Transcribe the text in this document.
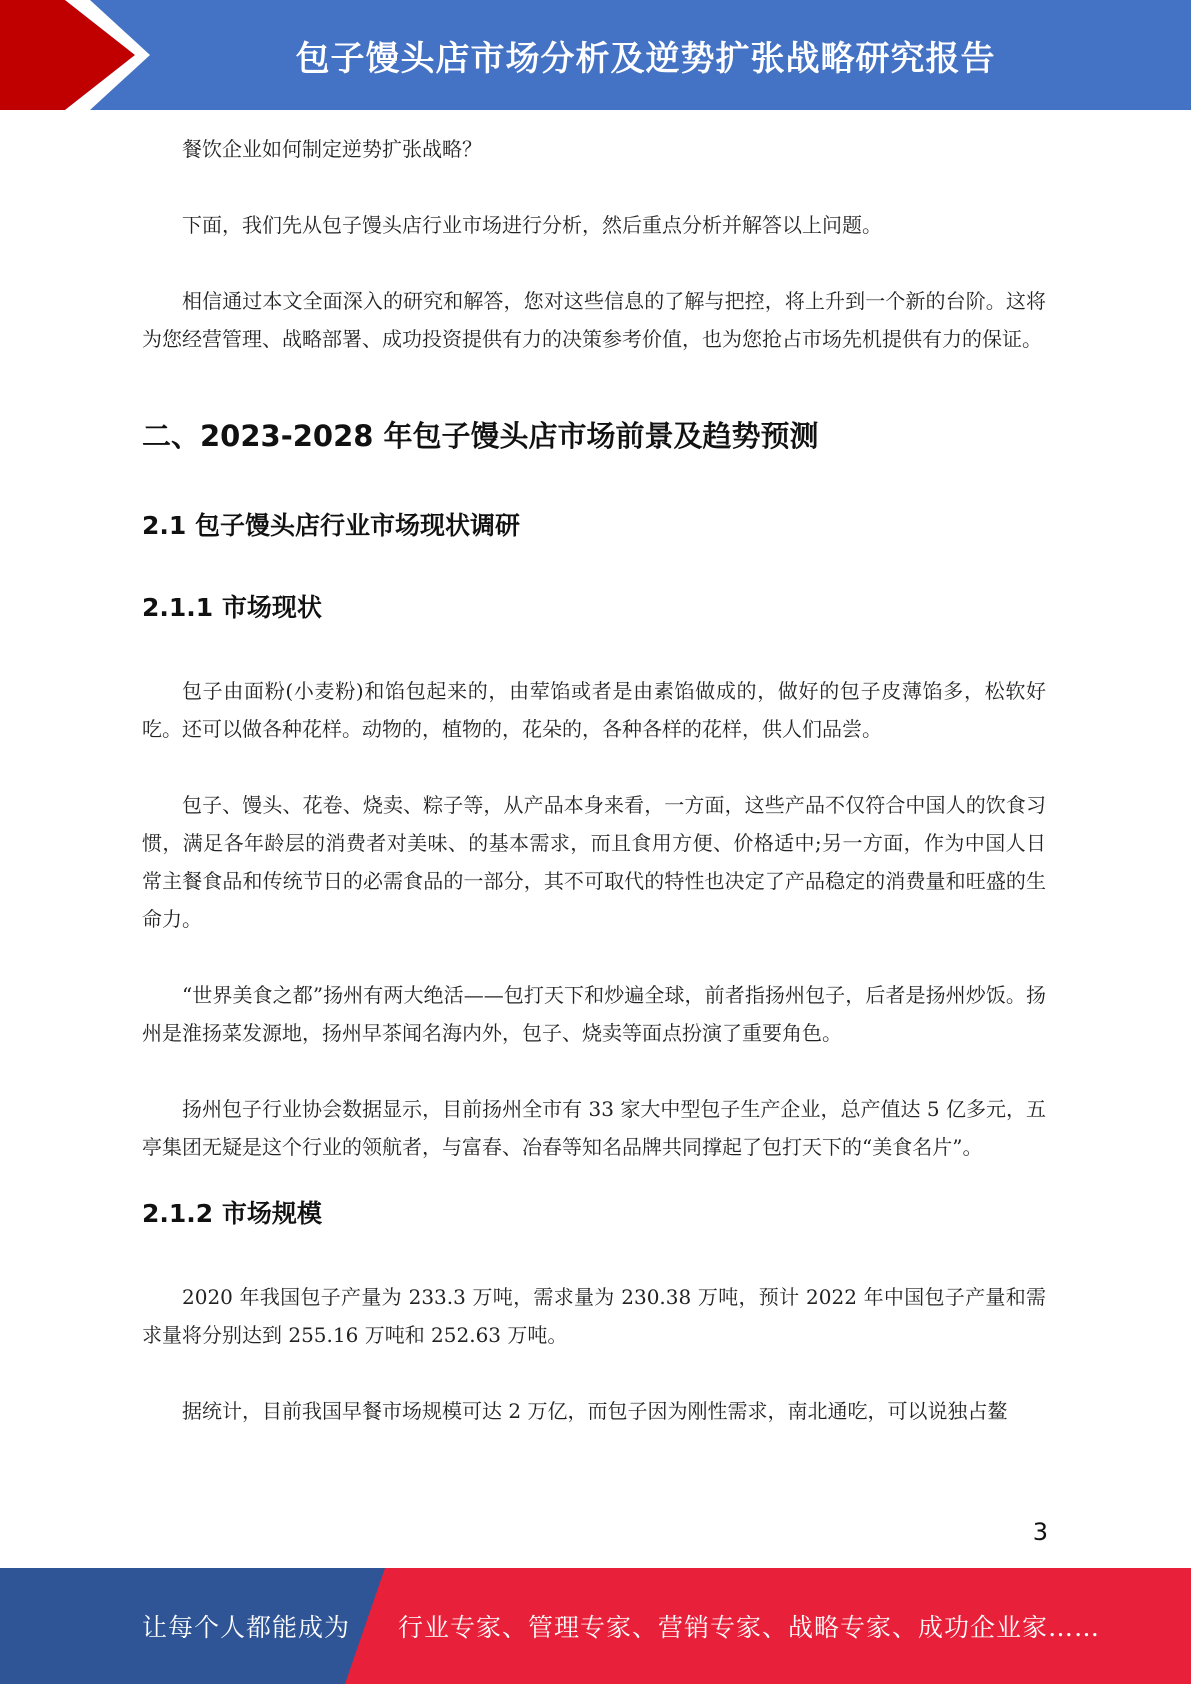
包子馒头店市场分析及逆势扩张战略研究报告

餐饮企业如何制定逆势扩张战略？

下面，我们先从包子馒头店行业市场进行分析，然后重点分析并解答以上问题。

相信通过本文全面深入的研究和解答，您对这些信息的了解与把控，将上升到一个新的台阶。这将为您经营管理、战略部署、成功投资提供有力的决策参考价值，也为您抢占市场先机提供有力的保证。

二、2023-2028 年包子馒头店市场前景及趋势预测
2.1 包子馒头店行业市场现状调研
2.1.1 市场现状

包子由面粉(小麦粉)和馅包起来的，由荤馅或者是由素馅做成的，做好的包子皮薄馅多，松软好吃。还可以做各种花样。动物的，植物的，花朵的，各种各样的花样，供人们品尝。

包子、馒头、花卷、烧卖、粽子等，从产品本身来看，一方面，这些产品不仅符合中国人的饮食习惯，满足各年龄层的消费者对美味、的基本需求，而且食用方便、价格适中;另一方面，作为中国人日常主餐食品和传统节日的必需食品的一部分，其不可取代的特性也决定了产品稳定的消费量和旺盛的生命力。

“世界美食之都”扬州有两大绝活——包打天下和炒遍全球，前者指扬州包子，后者是扬州炒饭。扬州是淮扬菜发源地，扬州早茶闻名海内外，包子、烧卖等面点扮演了重要角色。

扬州包子行业协会数据显示，目前扬州全市有 33 家大中型包子生产企业，总产值达 5 亿多元，五亭集团无疑是这个行业的领航者，与富春、冶春等知名品牌共同撑起了包打天下的“美食名片”。

2.1.2 市场规模

2020 年我国包子产量为 233.3 万吨，需求量为 230.38 万吨，预计 2022 年中国包子产量和需求量将分别达到 255.16 万吨和 252.63 万吨。

据统计，目前我国早餐市场规模可达 2 万亿，而包子因为刚性需求，南北通吃，可以说独占鳌

3
让每个人都能成为 行业专家、管理专家、营销专家、战略专家、成功企业家……
